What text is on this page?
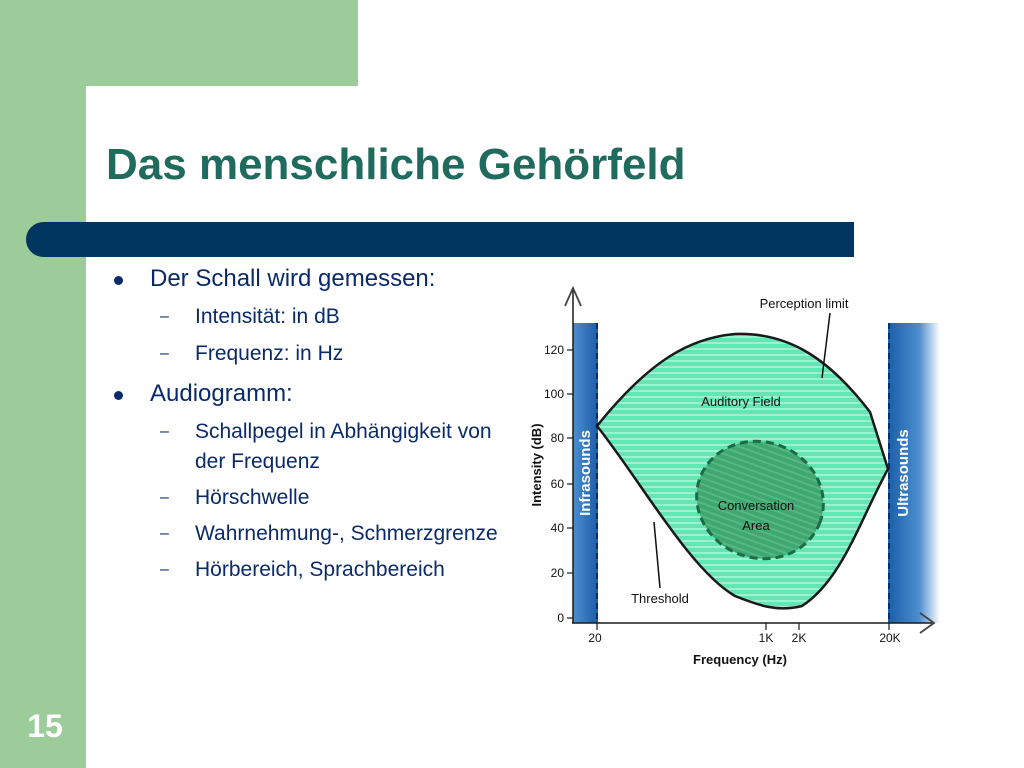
Das menschliche Gehörfeld
Der Schall wird gemessen:
– Intensität: in dB
– Frequenz: in Hz
Audiogramm:
– Schallpegel in Abhängigkeit von der Frequenz
– Hörschwelle
– Wahrnehmung-, Schmerzgrenze
– Hörbereich, Sprachbereich
120
100
80
60
40
20
0
20	1K 2K	20K
Frequency (Hz)
Intensity (dB) Infrasounds	Ultrasounds
Perception limit
Auditory Field
Conversation
Area
Threshold
15
